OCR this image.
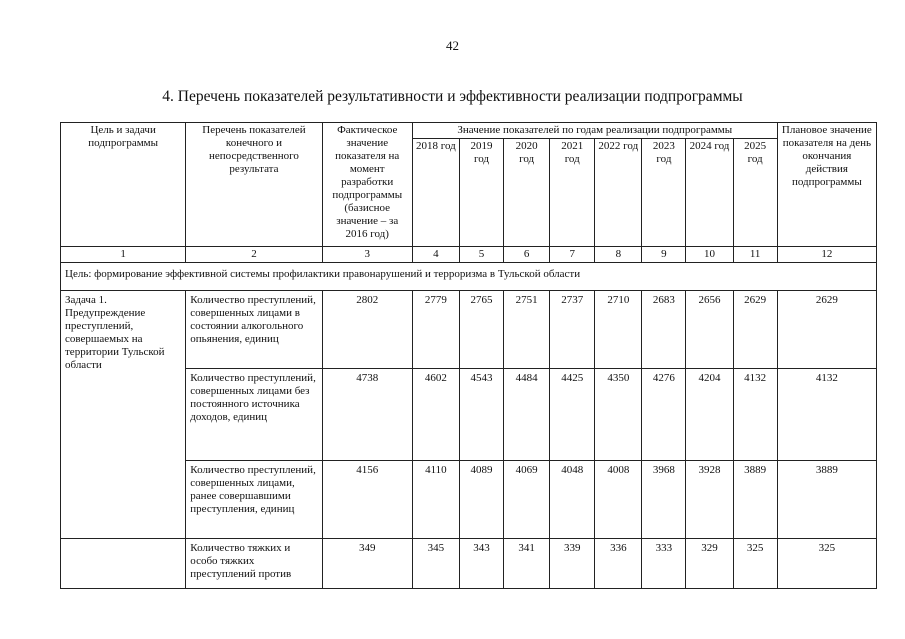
42
4. Перечень показателей результативности и эффективности реализации подпрограммы
Цель и задачи подпрограммы	Перечень показателей конечного и непосредственного результата	Фактическое значение показателя на момент разработки подпрограммы (базисное значение – за 2016 год)	Значение показателей по годам реализации подпрограммы								Плановое значение показателя на день окончания действия подпрограммы
			2018 год	2019 год	2020 год	2021 год	2022 год	2023 год	2024 год	2025 год	
1	2	3	4	5	6	7	8	9	10	11	12
Цель: формирование эффективной системы профилактики правонарушений и терроризма в Тульской области											
Задача 1. Предупреждение преступлений, совершаемых на территории Тульской области	Количество преступлений, совершенных лицами в состоянии алкогольного опьянения, единиц	2802	2779	2765	2751	2737	2710	2683	2656	2629	2629
	Количество преступлений, совершенных лицами без постоянного источника доходов, единиц	4738	4602	4543	4484	4425	4350	4276	4204	4132	4132
	Количество преступлений, совершенных лицами, ранее совершавшими преступления, единиц	4156	4110	4089	4069	4048	4008	3968	3928	3889	3889
	Количество тяжких и особо тяжких преступлений против	349	345	343	341	339	336	333	329	325	325
